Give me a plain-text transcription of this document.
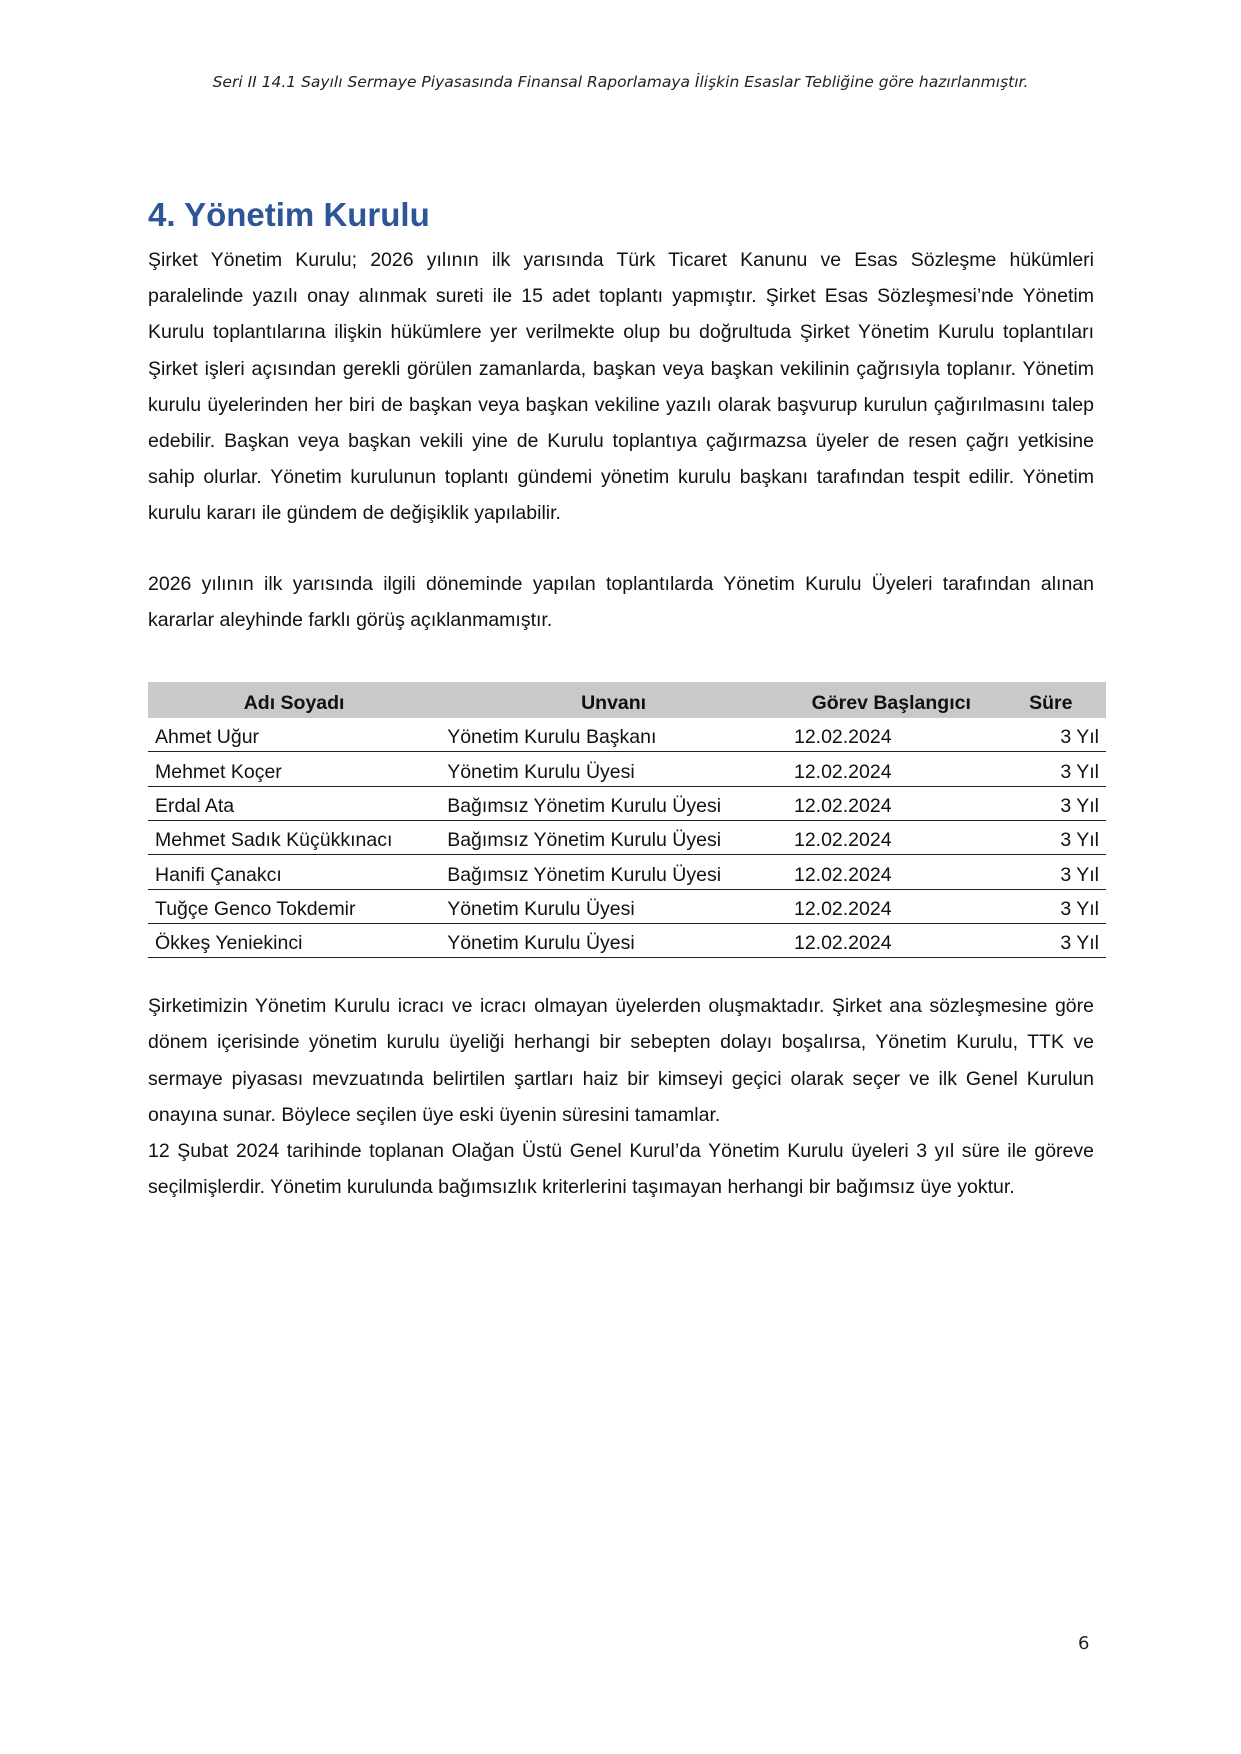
Seri II 14.1 Sayılı Sermaye Piyasasında Finansal Raporlamaya İlişkin Esaslar Tebliğine göre hazırlanmıştır.
4. Yönetim Kurulu

Şirket Yönetim Kurulu; 2026 yılının ilk yarısında Türk Ticaret Kanunu ve Esas Sözleşme hükümleri paralelinde yazılı onay alınmak sureti ile 15 adet toplantı yapmıştır. Şirket Esas Sözleşmesi’nde Yönetim Kurulu toplantılarına ilişkin hükümlere yer verilmekte olup bu doğrultuda Şirket Yönetim Kurulu toplantıları Şirket işleri açısından gerekli görülen zamanlarda, başkan veya başkan vekilinin çağrısıyla toplanır. Yönetim kurulu üyelerinden her biri de başkan veya başkan vekiline yazılı olarak başvurup kurulun çağırılmasını talep edebilir. Başkan veya başkan vekili yine de Kurulu toplantıya çağırmazsa üyeler de resen çağrı yetkisine sahip olurlar. Yönetim kurulunun toplantı gündemi yönetim kurulu başkanı tarafından tespit edilir. Yönetim kurulu kararı ile gündem de değişiklik yapılabilir.

2026 yılının ilk yarısında ilgili döneminde yapılan toplantılarda Yönetim Kurulu Üyeleri tarafından alınan kararlar aleyhinde farklı görüş açıklanmamıştır.

Adı Soyadı	Unvanı	Görev Başlangıcı	Süre
Ahmet Uğur	Yönetim Kurulu Başkanı	12.02.2024	3 Yıl
Mehmet Koçer	Yönetim Kurulu Üyesi	12.02.2024	3 Yıl
Erdal Ata	Bağımsız Yönetim Kurulu Üyesi	12.02.2024	3 Yıl
Mehmet Sadık Küçükkınacı	Bağımsız Yönetim Kurulu Üyesi	12.02.2024	3 Yıl
Hanifi Çanakcı	Bağımsız Yönetim Kurulu Üyesi	12.02.2024	3 Yıl
Tuğçe Genco Tokdemir	Yönetim Kurulu Üyesi	12.02.2024	3 Yıl
Ökkeş Yeniekinci	Yönetim Kurulu Üyesi	12.02.2024	3 Yıl

Şirketimizin Yönetim Kurulu icracı ve icracı olmayan üyelerden oluşmaktadır. Şirket ana sözleşmesine göre dönem içerisinde yönetim kurulu üyeliği herhangi bir sebepten dolayı boşalırsa, Yönetim Kurulu, TTK ve sermaye piyasası mevzuatında belirtilen şartları haiz bir kimseyi geçici olarak seçer ve ilk Genel Kurulun onayına sunar. Böylece seçilen üye eski üyenin süresini tamamlar.

12 Şubat 2024 tarihinde toplanan Olağan Üstü Genel Kurul’da Yönetim Kurulu üyeleri 3 yıl süre ile göreve seçilmişlerdir. Yönetim kurulunda bağımsızlık kriterlerini taşımayan herhangi bir bağımsız üye yoktur.

6
